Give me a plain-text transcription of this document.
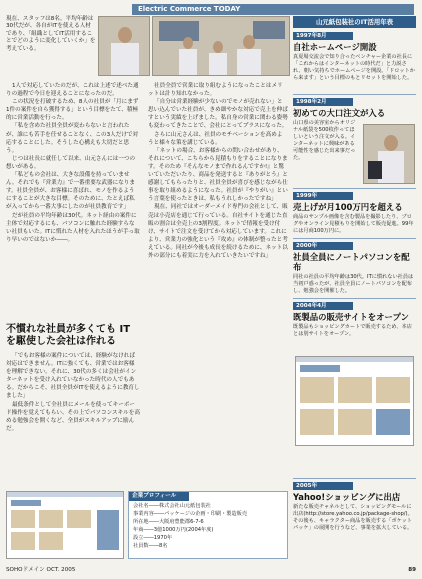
Electric Commerce TODAY
現在、スタッフは8名。平均年齢は30代だが、各自がITを使える人材であり、「組織としてIT活用することでどのように変化していくか」を考えている。

1人で対応していたのだが、これは上述で述べた通りの過程で今日を迎えることになったのだ。

この状況を打破するため、8人の社員が「月にまず1件の案件を自ら獲得する」という目標をたて、積極的に営業活動を行った。

「私を含めた社員全員が変わらないと言われたが、誰にも苦手を任せることなく、この3人だけで対応することにした。そうした心構えも大切だと思う。

じつは社長に就任して以来、山元さんには一つの想いがある。

「私どもの会社は、大きな設備を持っていません。それでも『営業力』で一番重要な武器になります。社員全員が、お客様に喜ばれ、モノを作るようにすることが大きな目標。そのために、たとえば私が入ってから一番大事にしたのが社員教育です」

だが社員の平均年齢は30代。ネット経由の案件に主体で対応するにも、パソコンに触れた経験すらない社員もいた。ITに慣れた人材を入れたほうが手っ取り早いのではないか――。

不慣れな社員が多くても ITを駆使した会社は作れる

「でもお客様の案件については、経験がなければ対応はできません。ITに強くても、営業ではお客様を理解できない。それに、30代の多くは会社がインターネットを受け入れていなかった時代の人でもある。だからこそ、社員全員がITを使えるように教育しました」

最低条件として全社員にメールを使ってキーボード操作を覚えてもらい、その上でパソコンスキルを高める勉強会を開くなど、全員がスキルアップに励んだ。

社員全員で営業に取り組むようになったことはメリットは計り知れなかった。

「自分は営業経験が少ないのでモノが売れない」と思い込んでいた社員が、きめ細やかな対応で売上を伸ばすという実績を上げました。私自身の営業に関わる姿勢も変わってきたことで、会社にとってプラスになった。

さらに山元さんは、社員のモチベーションを高めようと様々な策を講じている。

「ネットの場合、お客様からの問い合わせがあり、それについて、こちらから見積もりをすることになります。そのため『そんなモノまで作れるんですか!』と驚いていただいたり、商品を発送すると『ありがとう』と感謝してもらったりと、社員全員が喜びを感じながら仕事を取り組めるようになった。社員が『やりがい』という言葉を使ったときは、私もうれしかったですね」

現在、同社ではオーダーメイド専門の会社として、販売は小売店を通じて行っている。自社サイトを通じた直販の割合は全売上の3割程度。ネットで情報を受け付け、サイトで注文を受けてから対応しています。これにより、営業力の強化という『攻め』の体制が整ったと考えている。同社が今後も成長を続けるために、ネット以外の部分にも着実に力を入れていきたいですね」

企業プロフィール
会社名――株式会社山元紙包装社
事業内容――パッケージの企画・印刷・製造販売
所在地――大阪府豊能郡6-7-6
年商――3億1000万円(2004年度)
設立――1970年
社員数――8名
山元紙包装社のIT活用年表
1997年8月
自社ホームページ開設
真夏場交流会で知り合ったベンチャー企業の社長に「これからはインターネットの時代だ」と力説され、朝い気持ちでホームページを開設。「ドロットから来ます」という目標のもとリセットを開始した。
1998年2月
初めての大口注文が入る
山口県の美容室からオリジナル紙袋を500枚作ってほしいという注文が入る。インターネットに興味がある可能性を感じた出来事だった。
1999年
売上げが月100万円を超える
商品のサンプル画像を含む製品を撮影したり、ブログやオンライン見積もりを開始して販売促進。99年には月商100万円に。
2000年
社員全員にノートパソコンを配布
同社の社員の平均年齢は30代。ITに慣れない社員は当初戸惑ったが、社員全員にノートパソコンを配布し、勉強会を開催した。
2004年4月
既製品の販売サイトをオープン
既製品もショッピングカートで販売するため、本店とは別サイトをオープン。
2005年
Yahoo!ショッピングに出店
新たな販売チャネルとして、ショッピングモールに出店(http://store.yahoo.co.jp/package-shop/)。その後も、キャラクター商品を販売する「ポケットパッケ」の展開を行うなど、事業を拡大している。
SOHOドメイン OCT. 2005	89
